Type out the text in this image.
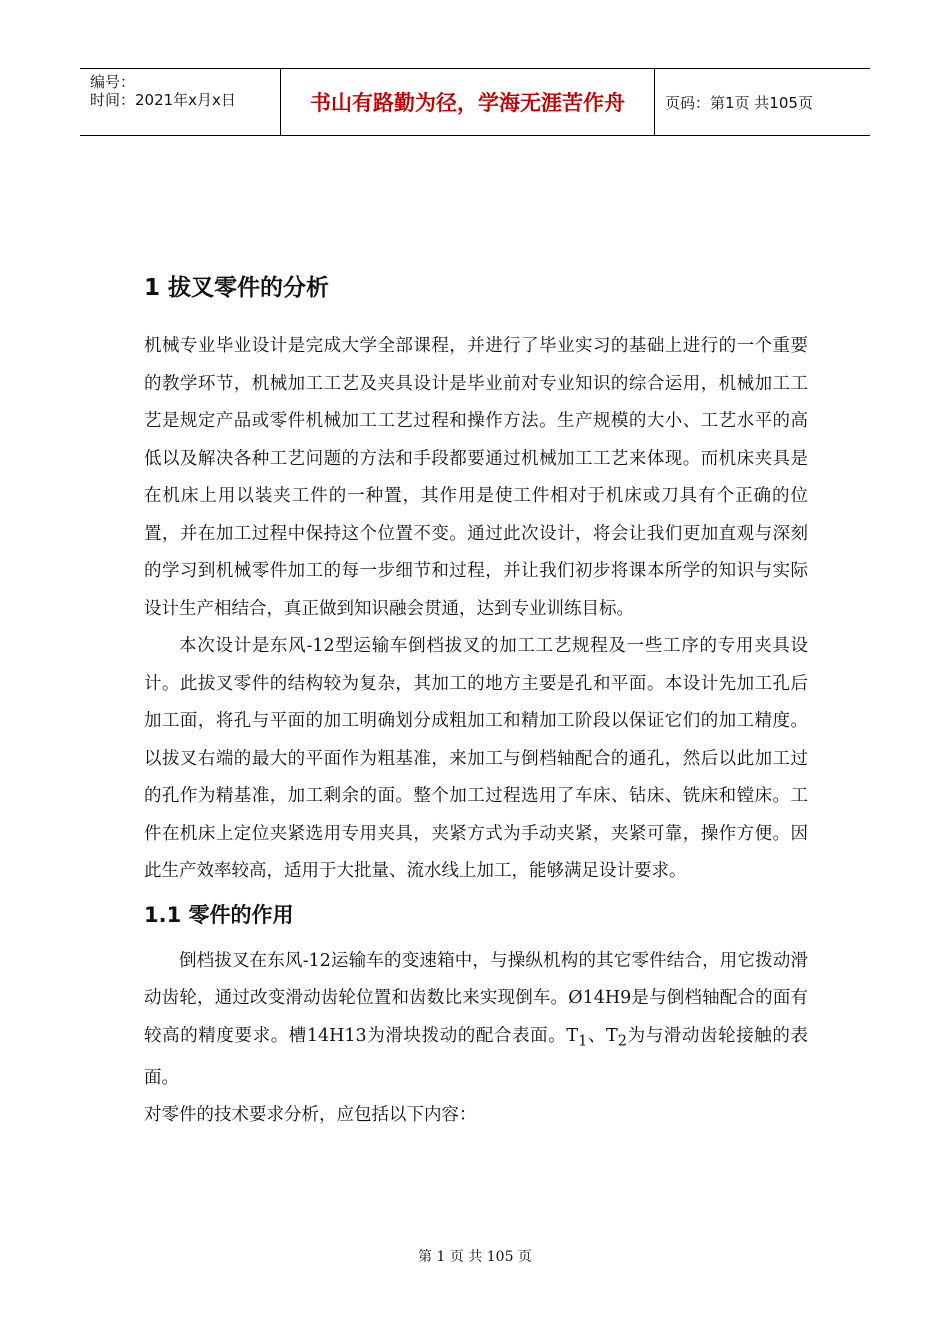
编号：
时间：2021年x月x日	书山有路勤为径，学海无涯苦作舟	页码：第1页 共105页
1 拔叉零件的分析

机械专业毕业设计是完成大学全部课程，并进行了毕业实习的基础上进行的一个重要的教学环节，机械加工工艺及夹具设计是毕业前对专业知识的综合运用，机械加工工艺是规定产品或零件机械加工工艺过程和操作方法。生产规模的大小、工艺水平的高低以及解决各种工艺问题的方法和手段都要通过机械加工工艺来体现。而机床夹具是在机床上用以装夹工件的一种置，其作用是使工件相对于机床或刀具有个正确的位置，并在加工过程中保持这个位置不变。通过此次设计，将会让我们更加直观与深刻的学习到机械零件加工的每一步细节和过程，并让我们初步将课本所学的知识与实际设计生产相结合，真正做到知识融会贯通，达到专业训练目标。

本次设计是东风-12型运输车倒档拔叉的加工工艺规程及一些工序的专用夹具设计。此拔叉零件的结构较为复杂，其加工的地方主要是孔和平面。本设计先加工孔后加工面，将孔与平面的加工明确划分成粗加工和精加工阶段以保证它们的加工精度。以拔叉右端的最大的平面作为粗基准，来加工与倒档轴配合的通孔，然后以此加工过的孔作为精基准，加工剩余的面。整个加工过程选用了车床、钻床、铣床和镗床。工件在机床上定位夹紧选用专用夹具，夹紧方式为手动夹紧，夹紧可靠，操作方便。因此生产效率较高，适用于大批量、流水线上加工，能够满足设计要求。

1.1 零件的作用

倒档拔叉在东风-12运输车的变速箱中，与操纵机构的其它零件结合，用它拨动滑动齿轮，通过改变滑动齿轮位置和齿数比来实现倒车。Ø14H9是与倒档轴配合的面有较高的精度要求。槽14H13为滑块拨动的配合表面。$T_1$、$T_2$为与滑动齿轮接触的表面。

对零件的技术要求分析，应包括以下内容：

第 1 页 共 105 页
